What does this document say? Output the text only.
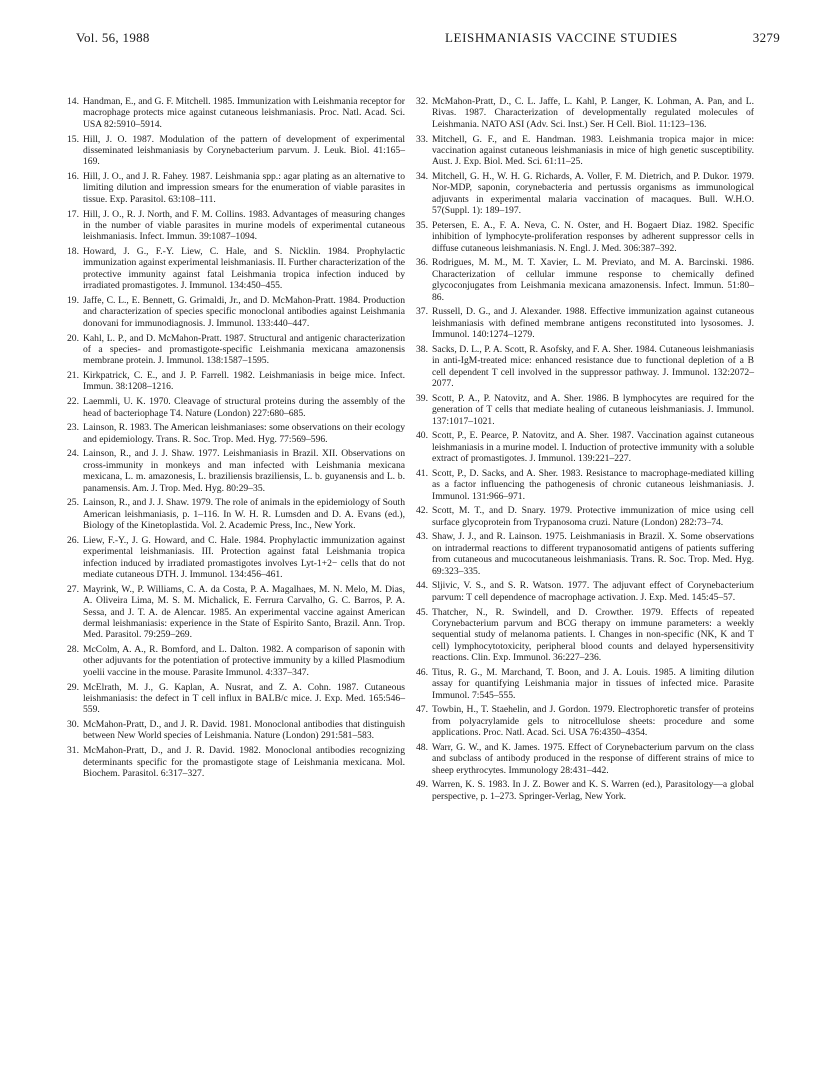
Vol. 56, 1988	LEISHMANIASIS VACCINE STUDIES	3279
14 . Handman, E., and G. F. Mitchell. 1985. Immunization with Leishmania receptor for macrophage protects mice against cutaneous leishmaniasis. Proc. Natl. Acad. Sci. USA 82:5910–5914.
15 . Hill, J. O. 1987. Modulation of the pattern of development of experimental disseminated leishmaniasis by Corynebacterium parvum. J. Leuk. Biol. 41:165–169.
16 . Hill, J. O., and J. R. Fahey. 1987. Leishmania spp.: agar plating as an alternative to limiting dilution and impression smears for the enumeration of viable parasites in tissue. Exp. Parasitol. 63:108–111.
17 . Hill, J. O., R. J. North, and F. M. Collins. 1983. Advantages of measuring changes in the number of viable parasites in murine models of experimental cutaneous leishmaniasis. Infect. Immun. 39:1087–1094.
18 . Howard, J. G., F.-Y. Liew, C. Hale, and S. Nicklin. 1984. Prophylactic immunization against experimental leishmaniasis. II. Further characterization of the protective immunity against fatal Leishmania tropica infection induced by irradiated promastigotes. J. Immunol. 134:450–455.
19 . Jaffe, C. L., E. Bennett, G. Grimaldi, Jr., and D. McMahon-Pratt. 1984. Production and characterization of species specific monoclonal antibodies against Leishmania donovani for immunodiagnosis. J. Immunol. 133:440–447.
20 . Kahl, L. P., and D. McMahon-Pratt. 1987. Structural and antigenic characterization of a species- and promastigote-specific Leishmania mexicana amazonensis membrane protein. J. Immunol. 138:1587–1595.
21 . Kirkpatrick, C. E., and J. P. Farrell. 1982. Leishmaniasis in beige mice. Infect. Immun. 38:1208–1216.
22 . Laemmli, U. K. 1970. Cleavage of structural proteins during the assembly of the head of bacteriophage T4. Nature (London) 227:680–685.
23 . Lainson, R. 1983. The American leishmaniases: some observations on their ecology and epidemiology. Trans. R. Soc. Trop. Med. Hyg. 77:569–596.
24 . Lainson, R., and J. J. Shaw. 1977. Leishmaniasis in Brazil. XII. Observations on cross-immunity in monkeys and man infected with Leishmania mexicana mexicana, L. m. amazonesis, L. braziliensis braziliensis, L. b. guyanensis and L. b. panamensis. Am. J. Trop. Med. Hyg. 80:29–35.
25 . Lainson, R., and J. J. Shaw. 1979. The role of animals in the epidemiology of South American leishmaniasis, p. 1–116. In W. H. R. Lumsden and D. A. Evans (ed.), Biology of the Kinetoplastida. Vol. 2. Academic Press, Inc., New York.
26 . Liew, F.-Y., J. G. Howard, and C. Hale. 1984. Prophylactic immunization against experimental leishmaniasis. III. Protection against fatal Leishmania tropica infection induced by irradiated promastigotes involves Lyt-1+2− cells that do not mediate cutaneous DTH. J. Immunol. 134:456–461.
27 . Mayrink, W., P. Williams, C. A. da Costa, P. A. Magalhaes, M. N. Melo, M. Dias, A. Oliveira Lima, M. S. M. Michalick, E. Ferrura Carvalho, G. C. Barros, P. A. Sessa, and J. T. A. de Alencar. 1985. An experimental vaccine against American dermal leishmaniasis: experience in the State of Espirito Santo, Brazil. Ann. Trop. Med. Parasitol. 79:259–269.
28 . McColm, A. A., R. Bomford, and L. Dalton. 1982. A comparison of saponin with other adjuvants for the potentiation of protective immunity by a killed Plasmodium yoelii vaccine in the mouse. Parasite Immunol. 4:337–347.
29 . McElrath, M. J., G. Kaplan, A. Nusrat, and Z. A. Cohn. 1987. Cutaneous leishmaniasis: the defect in T cell influx in BALB/c mice. J. Exp. Med. 165:546–559.
30 . McMahon-Pratt, D., and J. R. David. 1981. Monoclonal antibodies that distinguish between New World species of Leishmania. Nature (London) 291:581–583.
31 . McMahon-Pratt, D., and J. R. David. 1982. Monoclonal antibodies recognizing determinants specific for the promastigote stage of Leishmania mexicana. Mol. Biochem. Parasitol. 6:317–327.
32 . McMahon-Pratt, D., C. L. Jaffe, L. Kahl, P. Langer, K. Lohman, A. Pan, and L. Rivas. 1987. Characterization of developmentally regulated molecules of Leishmania. NATO ASI (Adv. Sci. Inst.) Ser. H Cell. Biol. 11:123–136.
33 . Mitchell, G. F., and E. Handman. 1983. Leishmania tropica major in mice: vaccination against cutaneous leishmaniasis in mice of high genetic susceptibility. Aust. J. Exp. Biol. Med. Sci. 61:11–25.
34 . Mitchell, G. H., W. H. G. Richards, A. Voller, F. M. Dietrich, and P. Dukor. 1979. Nor-MDP, saponin, corynebacteria and pertussis organisms as immunological adjuvants in experimental malaria vaccination of macaques. Bull. W.H.O. 57(Suppl. 1): 189–197.
35 . Petersen, E. A., F. A. Neva, C. N. Oster, and H. Bogaert Diaz. 1982. Specific inhibition of lymphocyte-proliferation responses by adherent suppressor cells in diffuse cutaneous leishmaniasis. N. Engl. J. Med. 306:387–392.
36 . Rodrigues, M. M., M. T. Xavier, L. M. Previato, and M. A. Barcinski. 1986. Characterization of cellular immune response to chemically defined glycoconjugates from Leishmania mexicana amazonensis. Infect. Immun. 51:80–86.
37 . Russell, D. G., and J. Alexander. 1988. Effective immunization against cutaneous leishmaniasis with defined membrane antigens reconstituted into lysosomes. J. Immunol. 140:1274–1279.
38 . Sacks, D. L., P. A. Scott, R. Asofsky, and F. A. Sher. 1984. Cutaneous leishmaniasis in anti-IgM-treated mice: enhanced resistance due to functional depletion of a B cell dependent T cell involved in the suppressor pathway. J. Immunol. 132:2072–2077.
39 . Scott, P. A., P. Natovitz, and A. Sher. 1986. B lymphocytes are required for the generation of T cells that mediate healing of cutaneous leishmaniasis. J. Immunol. 137:1017–1021.
40 . Scott, P., E. Pearce, P. Natovitz, and A. Sher. 1987. Vaccination against cutaneous leishmaniasis in a murine model. I. Induction of protective immunity with a soluble extract of promastigotes. J. Immunol. 139:221–227.
41 . Scott, P., D. Sacks, and A. Sher. 1983. Resistance to macrophage-mediated killing as a factor influencing the pathogenesis of chronic cutaneous leishmaniasis. J. Immunol. 131:966–971.
42 . Scott, M. T., and D. Snary. 1979. Protective immunization of mice using cell surface glycoprotein from Trypanosoma cruzi. Nature (London) 282:73–74.
43 . Shaw, J. J., and R. Lainson. 1975. Leishmaniasis in Brazil. X. Some observations on intradermal reactions to different trypanosomatid antigens of patients suffering from cutaneous and mucocutaneous leishmaniasis. Trans. R. Soc. Trop. Med. Hyg. 69:323–335.
44 . Sljivic, V. S., and S. R. Watson. 1977. The adjuvant effect of Corynebacterium parvum: T cell dependence of macrophage activation. J. Exp. Med. 145:45–57.
45 . Thatcher, N., R. Swindell, and D. Crowther. 1979. Effects of repeated Corynebacterium parvum and BCG therapy on immune parameters: a weekly sequential study of melanoma patients. I. Changes in non-specific (NK, K and T cell) lymphocytotoxicity, peripheral blood counts and delayed hypersensitivity reactions. Clin. Exp. Immunol. 36:227–236.
46 . Titus, R. G., M. Marchand, T. Boon, and J. A. Louis. 1985. A limiting dilution assay for quantifying Leishmania major in tissues of infected mice. Parasite Immunol. 7:545–555.
47 . Towbin, H., T. Staehelin, and J. Gordon. 1979. Electrophoretic transfer of proteins from polyacrylamide gels to nitrocellulose sheets: procedure and some applications. Proc. Natl. Acad. Sci. USA 76:4350–4354.
48 . Warr, G. W., and K. James. 1975. Effect of Corynebacterium parvum on the class and subclass of antibody produced in the response of different strains of mice to sheep erythrocytes. Immunology 28:431–442.
49 . Warren, K. S. 1983. In J. Z. Bower and K. S. Warren (ed.), Parasitology—a global perspective, p. 1–273. Springer-Verlag, New York.
